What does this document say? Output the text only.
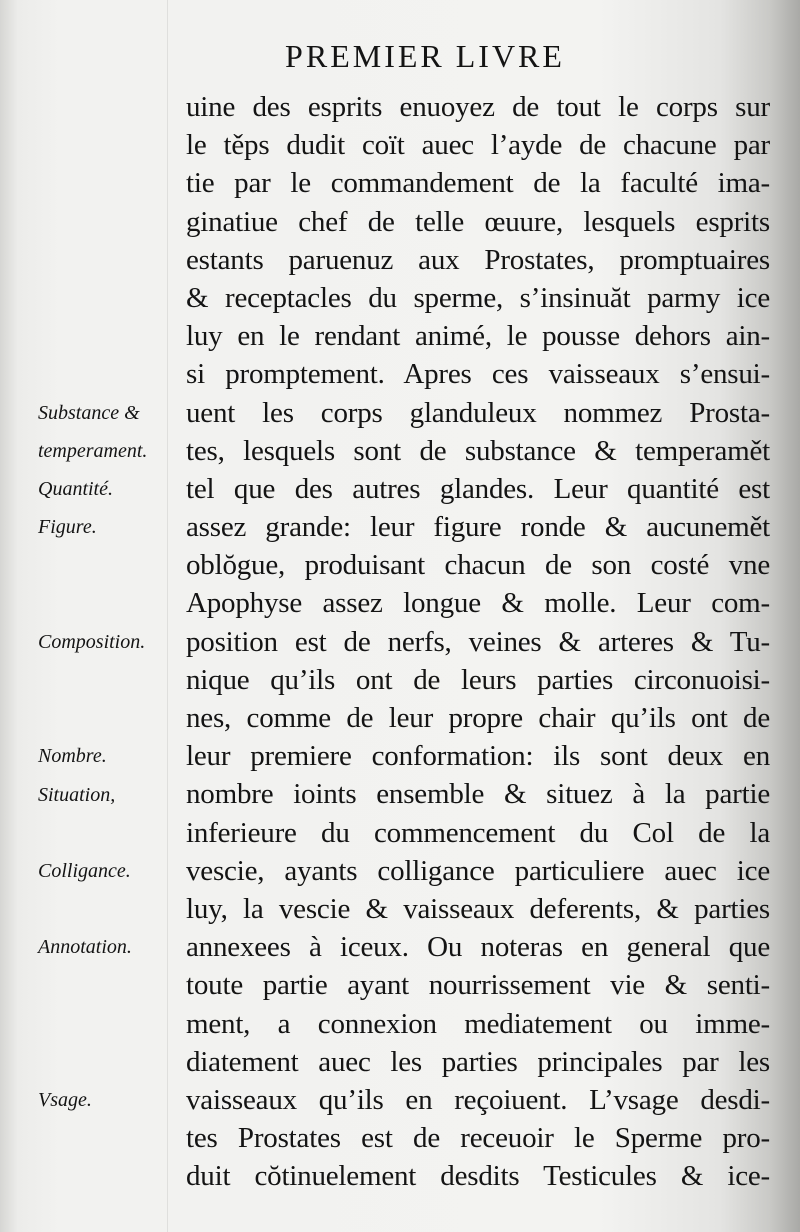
PREMIER LIVRE
uine des esprits enuoyez de tout le corps sur
le těps dudit coït auec l’ayde de chacune par
tie par le commandement de la faculté ima-
ginatiue chef de telle œuure, lesquels esprits
estants paruenuz aux Prostates, promptuaires
& receptacles du sperme, s’insinuăt parmy ice
luy en le rendant animé, le pousse dehors ain-
si promptement. Apres ces vaisseaux s’ensui-
uent les corps glanduleux nommez Prosta-
tes, lesquels sont de substance & temperamět
tel que des autres glandes. Leur quantité est
assez grande: leur figure ronde & aucunemět
oblŏgue, produisant chacun de son costé vne
Apophyse assez longue & molle. Leur com-
position est de nerfs, veines & arteres & Tu-
nique qu’ils ont de leurs parties circonuoisi-
nes, comme de leur propre chair qu’ils ont de
leur premiere conformation: ils sont deux en
nombre ioints ensemble & situez à la partie
inferieure du commencement du Col de la
vescie, ayants colligance particuliere auec ice
luy, la vescie & vaisseaux deferents, & parties
annexees à iceux. Ou noteras en general que
toute partie ayant nourrissement vie & senti-
ment, a connexion mediatement ou imme-
diatement auec les parties principales par les
vaisseaux qu’ils en reçoiuent. L’vsage desdi-
tes Prostates est de receuoir le Sperme pro-
duit cŏtinuelement desdits Testicules & ice-
Substance &
temperament.
Quantité.
Figure.
Composition.
Nombre.
Situation,
Colligance.
Annotation.
Vsage.
